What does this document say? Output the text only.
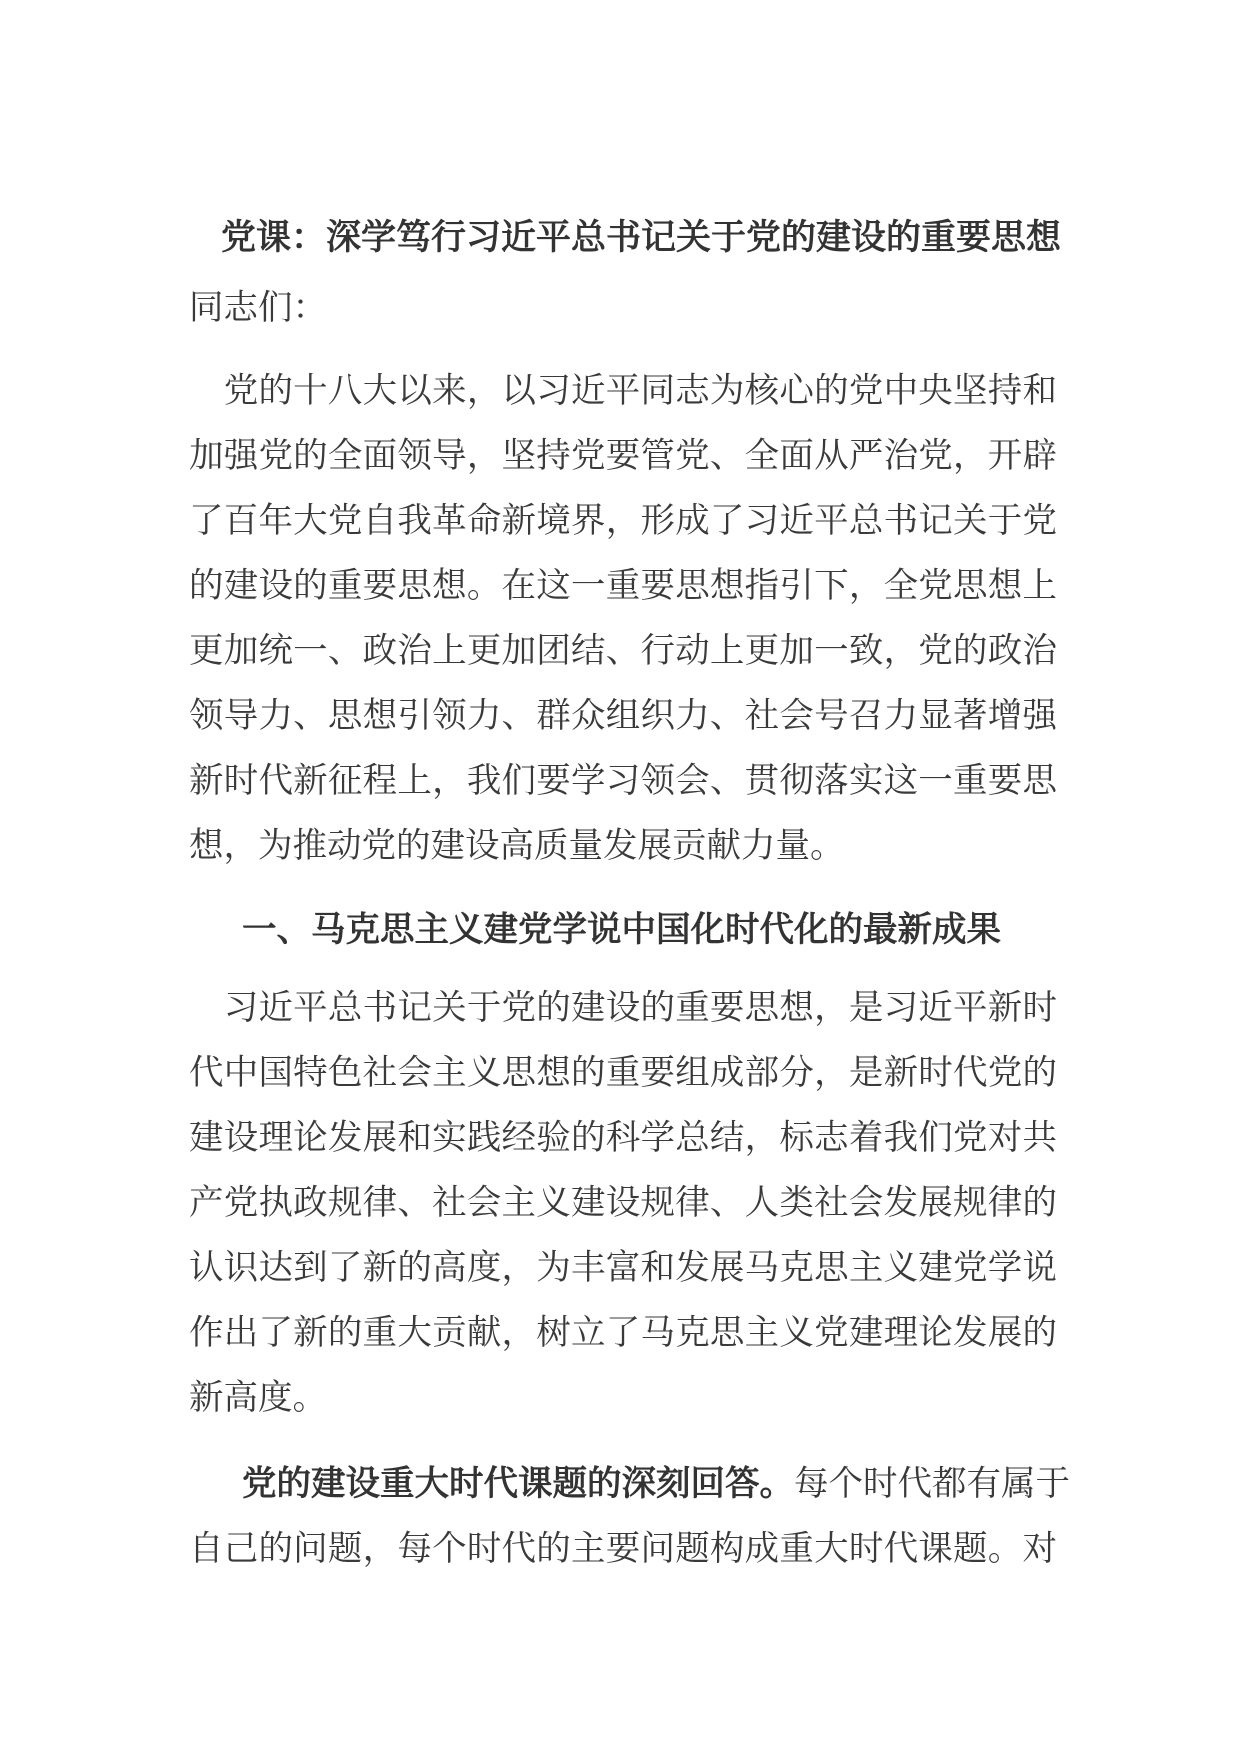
党课：深学笃行习近平总书记关于党的建设的重要思想
同志们：
　党的十八大以来，以习近平同志为核心的党中央坚持和
加强党的全面领导，坚持党要管党、全面从严治党，开辟
了百年大党自我革命新境界，形成了习近平总书记关于党
的建设的重要思想。在这一重要思想指引下，全党思想上
更加统一、政治上更加团结、行动上更加一致，党的政治
领导力、思想引领力、群众组织力、社会号召力显著增强
新时代新征程上，我们要学习领会、贯彻落实这一重要思
想，为推动党的建设高质量发展贡献力量。
一、马克思主义建党学说中国化时代化的最新成果
　习近平总书记关于党的建设的重要思想，是习近平新时
代中国特色社会主义思想的重要组成部分，是新时代党的
建设理论发展和实践经验的科学总结，标志着我们党对共
产党执政规律、社会主义建设规律、人类社会发展规律的
认识达到了新的高度，为丰富和发展马克思主义建党学说
作出了新的重大贡献，树立了马克思主义党建理论发展的
新高度。
党的建设重大时代课题的深刻回答。每个时代都有属于
自己的问题，每个时代的主要问题构成重大时代课题。对
